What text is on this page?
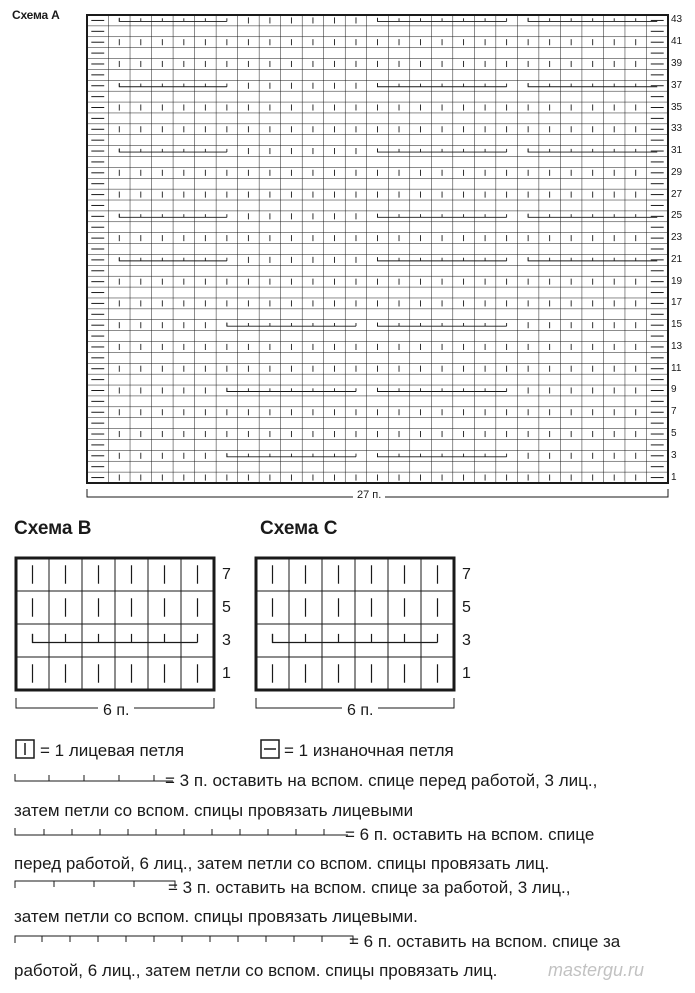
Схема А	43
41
39
37
35
33
31
29
27
25
23
21
19
17
15
13
11
9
7
5
3
1
27 п.
Схема B
7
5
3
1
6 п.
Схема С
7
5
3
1
6 п.
= 1 лицевая петля	= 1 изнаночная петля
= 3 п. оставить на вспом. спице перед работой, 3 лиц.,
затем петли со вспом. спицы провязать лицевыми
= 6 п. оставить на вспом. спице
перед работой, 6 лиц., затем петли со вспом. спицы провязать лиц.
= 3 п. оставить на вспом. спице за работой, 3 лиц.,
затем петли со вспом. спицы провязать лицевыми.
= 6 п. оставить на вспом. спице за
работой, 6 лиц., затем петли со вспом. спицы провязать лиц.	mastergu.ru
